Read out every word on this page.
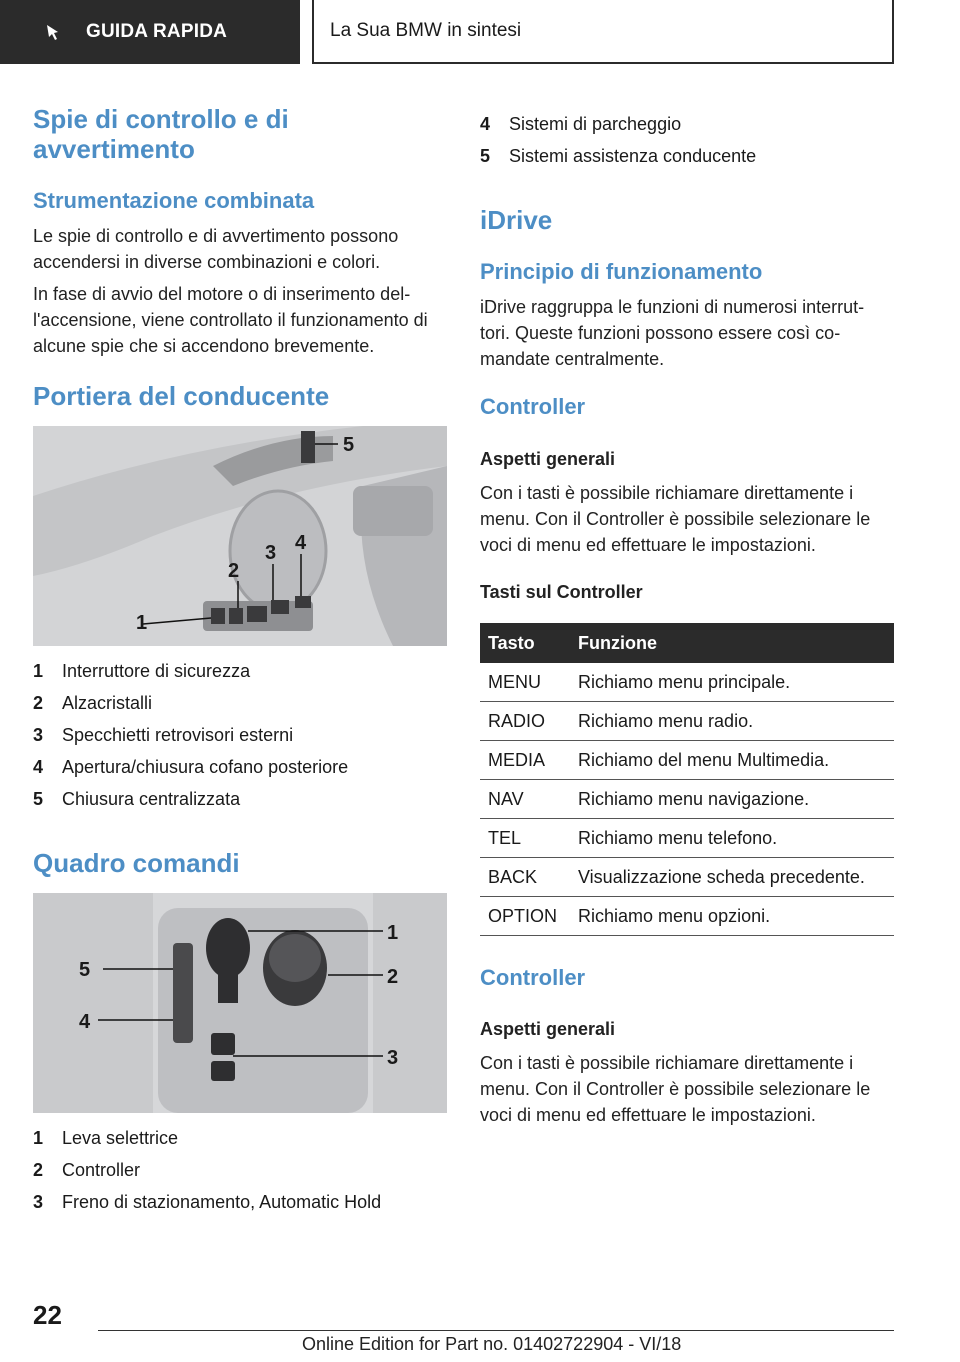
GUIDA RAPIDA	La Sua BMW in sintesi
Spie di controllo e di avvertimento
Strumentazione combinata
Le spie di controllo e di avvertimento possono accendersi in diverse combinazioni e colori.
In fase di avvio del motore o di inserimento del-l'accensione, viene controllato il funzionamento di alcune spie che si accendono brevemente.
Portiera del conducente
1
2
3 4
5
1	Interruttore di sicurezza
2	Alzacristalli
3	Specchietti retrovisori esterni
4	Apertura/chiusura cofano posteriore
5	Chiusura centralizzata
Quadro comandi
1
2
3
4
5
1	Leva selettrice
2	Controller
3	Freno di stazionamento, Automatic Hold
4	Sistemi di parcheggio
5	Sistemi assistenza conducente
iDrive
Principio di funzionamento
iDrive raggruppa le funzioni di numerosi interrut-tori. Queste funzioni possono essere così co-mandate centralmente.
Controller
Aspetti generali
Con i tasti è possibile richiamare direttamente i menu. Con il Controller è possibile selezionare le voci di menu ed effettuare le impostazioni.
Tasti sul Controller
Tasto	Funzione
MENU	Richiamo menu principale.
RADIO	Richiamo menu radio.
MEDIA	Richiamo del menu Multimedia.
NAV	Richiamo menu navigazione.
TEL	Richiamo menu telefono.
BACK	Visualizzazione scheda precedente.
OPTION	Richiamo menu opzioni.
Controller
Aspetti generali
Con i tasti è possibile richiamare direttamente i menu. Con il Controller è possibile selezionare le voci di menu ed effettuare le impostazioni.
22
Online Edition for Part no. 01402722904 - VI/18
